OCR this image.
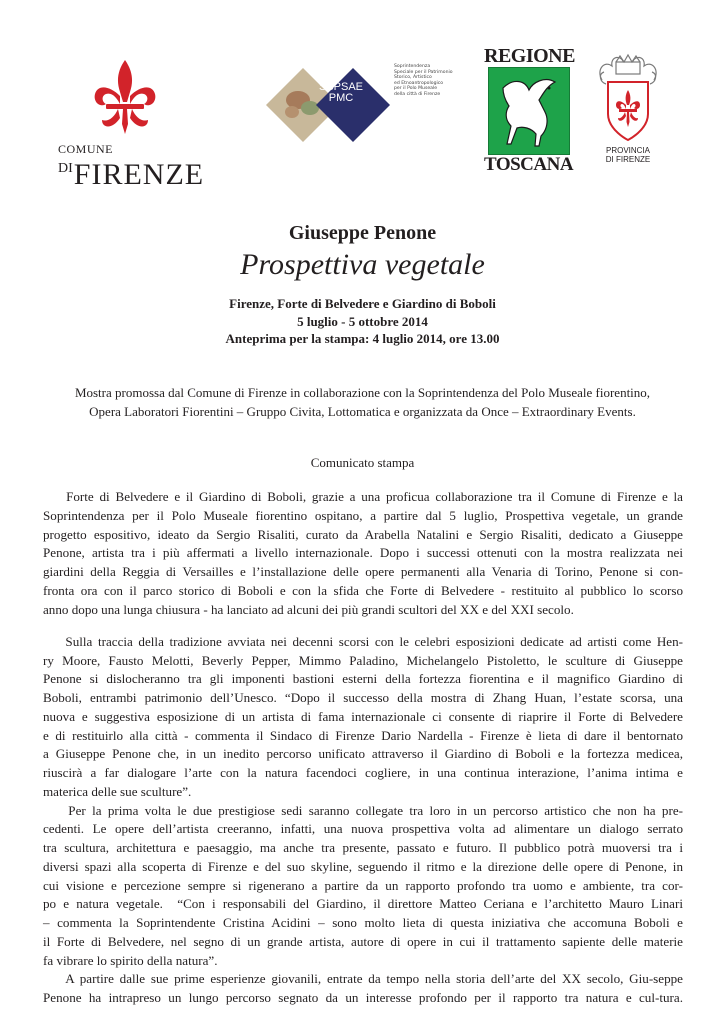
COMUNE
$^{DI}$FIRENZE
SSPSAE
PMC
Soprintendenza
Speciale per il Patrimonio
Storico, Artistico
ed Etnoantropologico
per il Polo Museale
della città di Firenze
REGIONE
TOSCANA
PROVINCIA
DI FIRENZE
Giuseppe Penone
Prospettiva vegetale
Firenze, Forte di Belvedere e Giardino di Boboli
5 luglio - 5 ottobre 2014
Anteprima per la stampa: 4 luglio 2014, ore 13.00
Mostra promossa dal Comune di Firenze in collaborazione con la Soprintendenza del Polo Museale fiorentino,
Opera Laboratori Fiorentini – Gruppo Civita, Lottomatica e organizzata da Once – Extraordinary Events.
Comunicato stampa
Forte di Belvedere e il Giardino di Boboli, grazie a una proficua collaborazione tra il Comune di Firenze e la
Soprintendenza per il Polo Museale fiorentino ospitano, a partire dal 5 luglio, Prospettiva vegetale, un grande
progetto espositivo, ideato da Sergio Risaliti, curato da Arabella Natalini e Sergio Risaliti, dedicato a Giuseppe
Penone, artista tra i più affermati a livello internazionale. Dopo i successi ottenuti con la mostra realizzata nei
giardini della Reggia di Versailles e l’installazione delle opere permanenti alla Venaria di Torino, Penone si con-
fronta ora con il parco storico di Boboli e con la sfida che Forte di Belvedere - restituito al pubblico lo scorso
anno dopo una lunga chiusura - ha lanciato ad alcuni dei più grandi scultori del XX e del XXI secolo.
Sulla traccia della tradizione avviata nei decenni scorsi con le celebri esposizioni dedicate ad artisti come Hen-
ry Moore, Fausto Melotti, Beverly Pepper, Mimmo Paladino, Michelangelo Pistoletto, le sculture di Giuseppe
Penone si dislocheranno tra gli imponenti bastioni esterni della fortezza fiorentina e il magnifico Giardino di
Boboli, entrambi patrimonio dell’Unesco. “Dopo il successo della mostra di Zhang Huan, l’estate scorsa, una
nuova e suggestiva esposizione di un artista di fama internazionale ci consente di riaprire il Forte di Belvedere
e di restituirlo alla città - commenta il Sindaco di Firenze Dario Nardella - Firenze è lieta di dare il bentornato
a Giuseppe Penone che, in un inedito percorso unificato attraverso il Giardino di Boboli e la fortezza medicea,
riuscirà a far dialogare l’arte con la natura facendoci cogliere, in una continua interazione, l’anima intima e
materica delle sue sculture”.
Per la prima volta le due prestigiose sedi saranno collegate tra loro in un percorso artistico che non ha pre-
cedenti. Le opere dell’artista creeranno, infatti, una nuova prospettiva volta ad alimentare un dialogo serrato
tra scultura, architettura e paesaggio, ma anche tra presente, passato e futuro. Il pubblico potrà muoversi tra i
diversi spazi alla scoperta di Firenze e del suo skyline, seguendo il ritmo e la direzione delle opere di Penone, in
cui visione e percezione sempre si rigenerano a partire da un rapporto profondo tra uomo e ambiente, tra cor-
po e natura vegetale.  “Con i responsabili del Giardino, il direttore Matteo Ceriana e l’architetto Mauro Linari
– commenta la Soprintendente Cristina Acidini – sono molto lieta di questa iniziativa che accomuna Boboli e
il Forte di Belvedere, nel segno di un grande artista, autore di opere in cui il trattamento sapiente delle materie
fa vibrare lo spirito della natura”.
A partire dalle sue prime esperienze giovanili, entrate da tempo nella storia dell’arte del XX secolo, Giu-seppe
Penone ha intrapreso un lungo percorso segnato da un interesse profondo per il rapporto tra natura e cul-tura.
